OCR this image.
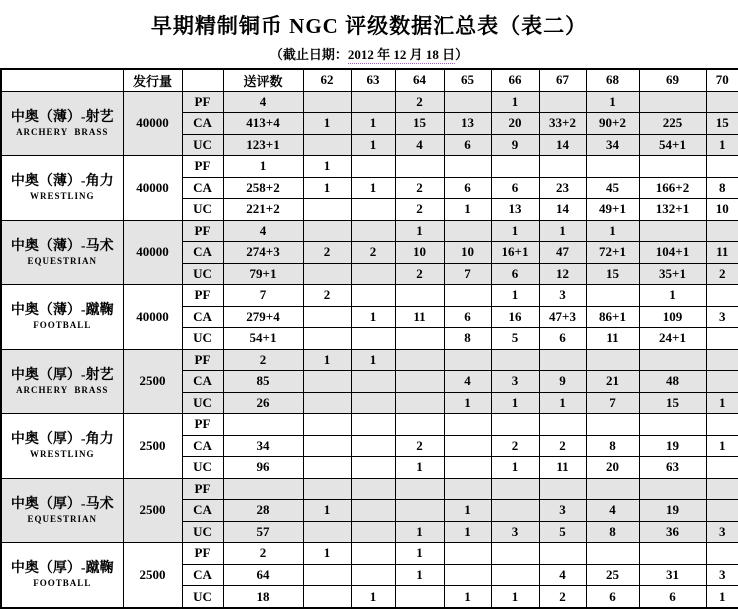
早期精制铜币 NGC 评级数据汇总表（表二）
（截止日期：2012 年 12 月 18 日）
	发行量		送评数	62	63	64	65	66	67	68	69	70

中奥（薄）-射艺
ARCHERY  BRASS	40000	PF	4			2		1		1		
		CA	413+4	1	1	15	13	20	33+2	90+2	225	15
		UC	123+1		1	4	6	9	14	34	54+1	1

中奥（薄）-角力
WRESTLING	40000	PF	1	1								
		CA	258+2	1	1	2	6	6	23	45	166+2	8
		UC	221+2			2	1	13	14	49+1	132+1	10

中奥（薄）-马术
EQUESTRIAN	40000	PF	4			1		1	1	1		
		CA	274+3	2	2	10	10	16+1	47	72+1	104+1	11
		UC	79+1			2	7	6	12	15	35+1	2

中奥（薄）-蹴鞠
FOOTBALL	40000	PF	7	2				1	3		1	
		CA	279+4		1	11	6	16	47+3	86+1	109	3
		UC	54+1				8	5	6	11	24+1	

中奥（厚）-射艺
ARCHERY  BRASS	2500	PF	2	1	1							
		CA	85				4	3	9	21	48	
		UC	26				1	1	1	7	15	1

中奥（厚）-角力
WRESTLING	2500	PF										
		CA	34			2		2	2	8	19	1
		UC	96			1		1	11	20	63	

中奥（厚）-马术
EQUESTRIAN	2500	PF										
		CA	28	1			1		3	4	19	
		UC	57			1	1	3	5	8	36	3

中奥（厚）-蹴鞠
FOOTBALL	2500	PF	2	1		1						
		CA	64			1			4	25	31	3
		UC	18		1		1	1	2	6	6	1
